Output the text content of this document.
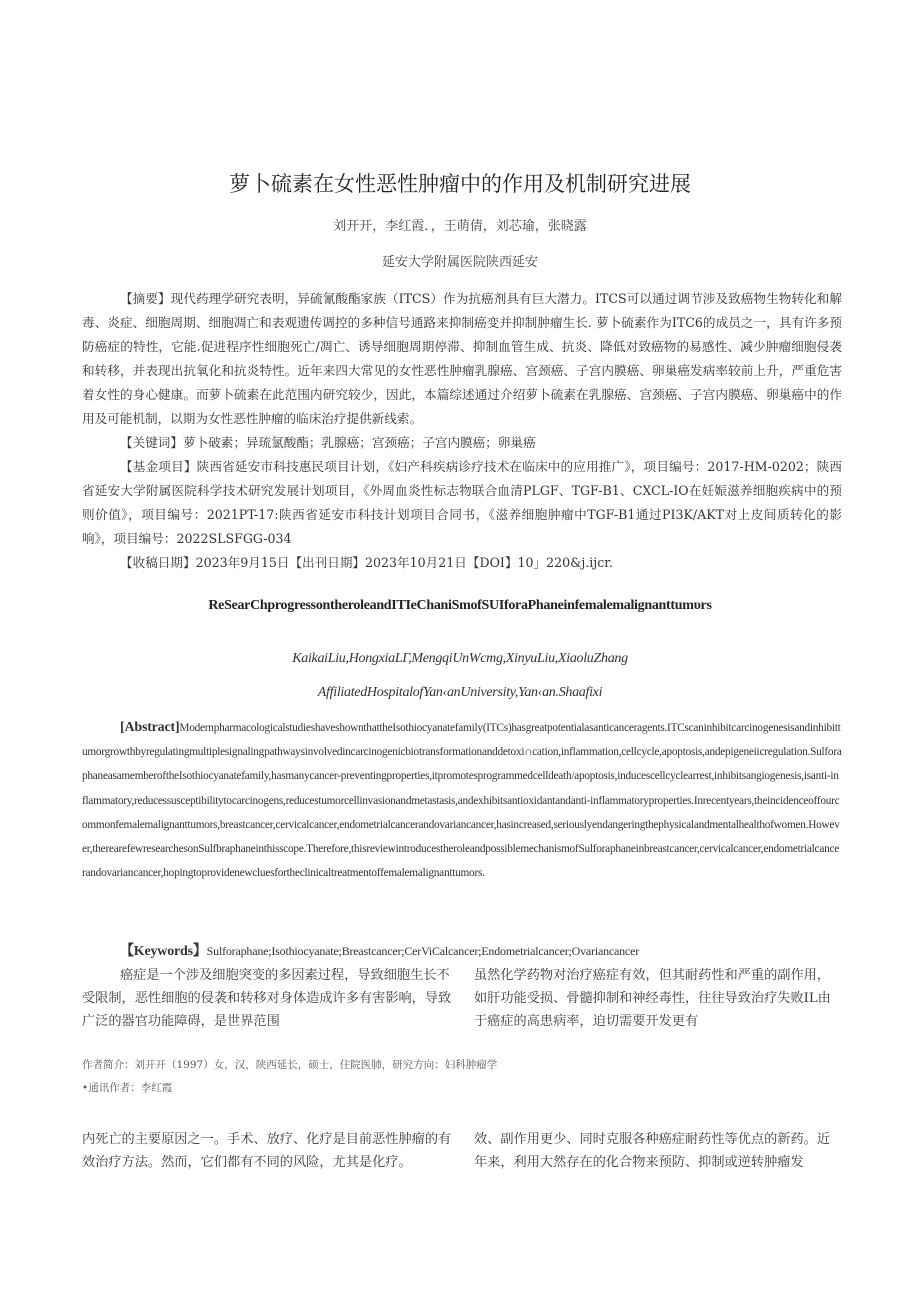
萝卜硫素在女性恶性肿瘤中的作用及机制研究进展
刘开开，李红霞．，王萌倩，刘芯瑜，张晓露
延安大学附属医院陕西延安

【摘要】现代药理学研究表明，异硫氰酸酯家族（ITCS）作为抗癌剂具有巨大潜力。ITCS可以通过调节涉及致癌物生物转化和解毒、炎症、细胞周期、细胞凋亡和表观遗传调控的多种信号通路来抑制癌变并抑制肿瘤生长. 萝卜硫素作为ITC6的成员之一，具有许多预防癌症的特性，它能.促进程序性细胞死亡/凋亡、诱导细胞周期停滞、抑制血管生成、抗炎、降低对致癌物的易感性、减少肿瘤细胞侵袭和转移，并表现出抗氧化和抗炎特性。近年来四大常见的女性恶性肿瘤乳腺癌、宫颈癌、子宫内膜癌、卵巢癌发病率较前上升，严重危害着女性的身心健康。而萝卜硫素在此范围内研究较少，因此，本篇综述通过介绍萝卜硫素在乳腺癌、宫颈癌、子宫内膜癌、卵巢癌中的作用及可能机制，以期为女性恶性肿瘤的临床治疗提供新线索。

【关键词】萝卜破素；异琉氯酸酯；乳腺癌；宫颈癌；子宫内膜癌；卵巢癌

【基金项目】陕西省延安市科技惠民项目计划，《妇产科疾病诊疗技术在临床中的应用推广》，项目编号：2017-HM-0202；陕西省延安大学附属医院科学技术研究发展计划项目，《外周血炎性标志物联合血清PLGF、TGF-B1、CXCL-IO在妊娠滋养细胞疾病中的预 则价值》，项目编号：2021PT-17:陕西省延安市科技计划项目合同书，《滋养细胞肿瘤中TGF-B1通过PI3K/AKT对上皮间质转化的影响》，项目编号：2022SLSFGG-034

【收稿日期】2023年9月15日【出刊日期】2023年10月21日【DOI】10」220&j.ijcr.

ReSearChprogressontheroleandITIeChaniSmofSUIforaPhaneinfemalemalignanttumυrs
KaikaiLiu,HongxiaLΓ,MengqiUnWcmg,XinyuLiu,XiaoluZhang
AffiliatedHospitalofYan‹anUniversity,Yan‹an.Shaafixi
[Abstract]ModernpharmacologicalstudieshaveshownthattheIsothiocyanatefamily(ITCs)hasgreatpotentialasanticanceragents.ITCscaninhibitcarcinogenesisandinhibittumorgrowthbyregulatingmultiplesignalingpathwaysinvolvedincarcinogenicbiotransformationanddetoxi∩cation,inflammation,cellcycle,apoptosis,andepigeneiicregulation.SulforaphaneasamemberoftheIsothiocyanatefamily,hasmanycancer-preventingproperties,itpromotesprogrammedcelldeath/apoptosis,inducescellcyclearrest,inhibitsangiogenesis,isanti-inflammatory,reducessusceptibilitytocarcinogens,reducestumorcellinvasionandmetastasis,andexhibitsantioxidantandanti-inflammatoryproperties.Inrecentyears,theincidenceoffourcommonfemalemalignanttumors,breastcancer,cervicalcancer,endometrialcancerandovariancancer,hasincreased,seriouslyendangeringthephysicalandmentalhealthofwomen.However,therearefewresearchesonSulfbraphaneinthisscope.Therefore,thisreviewintroducestheroleandpossiblemechanismofSulforaphaneinbreastcancer,cervicalcancer,endometrialcancerandovariancancer,hopingtoprovidenewcluesfortheclinicaltreatmentoffemalemalignanttumors.
【Keywords】Sulforaphane;Isothiocyanate;Breastcancer;CerViCalcancer;Endometrialcancer;Ovariancancer

癌症是一个涉及细胞突变的多因素过程，导致细胞生长不受限制，恶性细胞的侵袭和转移对身体造成许多有害影响，导致广泛的器官功能障碍，是世界范围

虽然化学药物对治疗癌症有效，但其耐药性和严重的副作用，如肝功能受损、骨髓抑制和神经毒性，往往导致治疗失败IL由于癌症的高患病率，迫切需要开发更有

作者简介：刘开开（1997）女，汉，陕西延长，硕士，住院医肺，研究方向：妇科肿瘤学
•通讯作者：李红霞

内死亡的主要原因之一。手术、放疗、化疗是目前恶性肿瘤的有效治疗方法。然而，它们都有不同的风险，尤其是化疗。

效、副作用更少、同时克服各种癌症耐药性等优点的新药。近年来，利用大然存在的化合物来预防、抑制或逆转肿瘤发
